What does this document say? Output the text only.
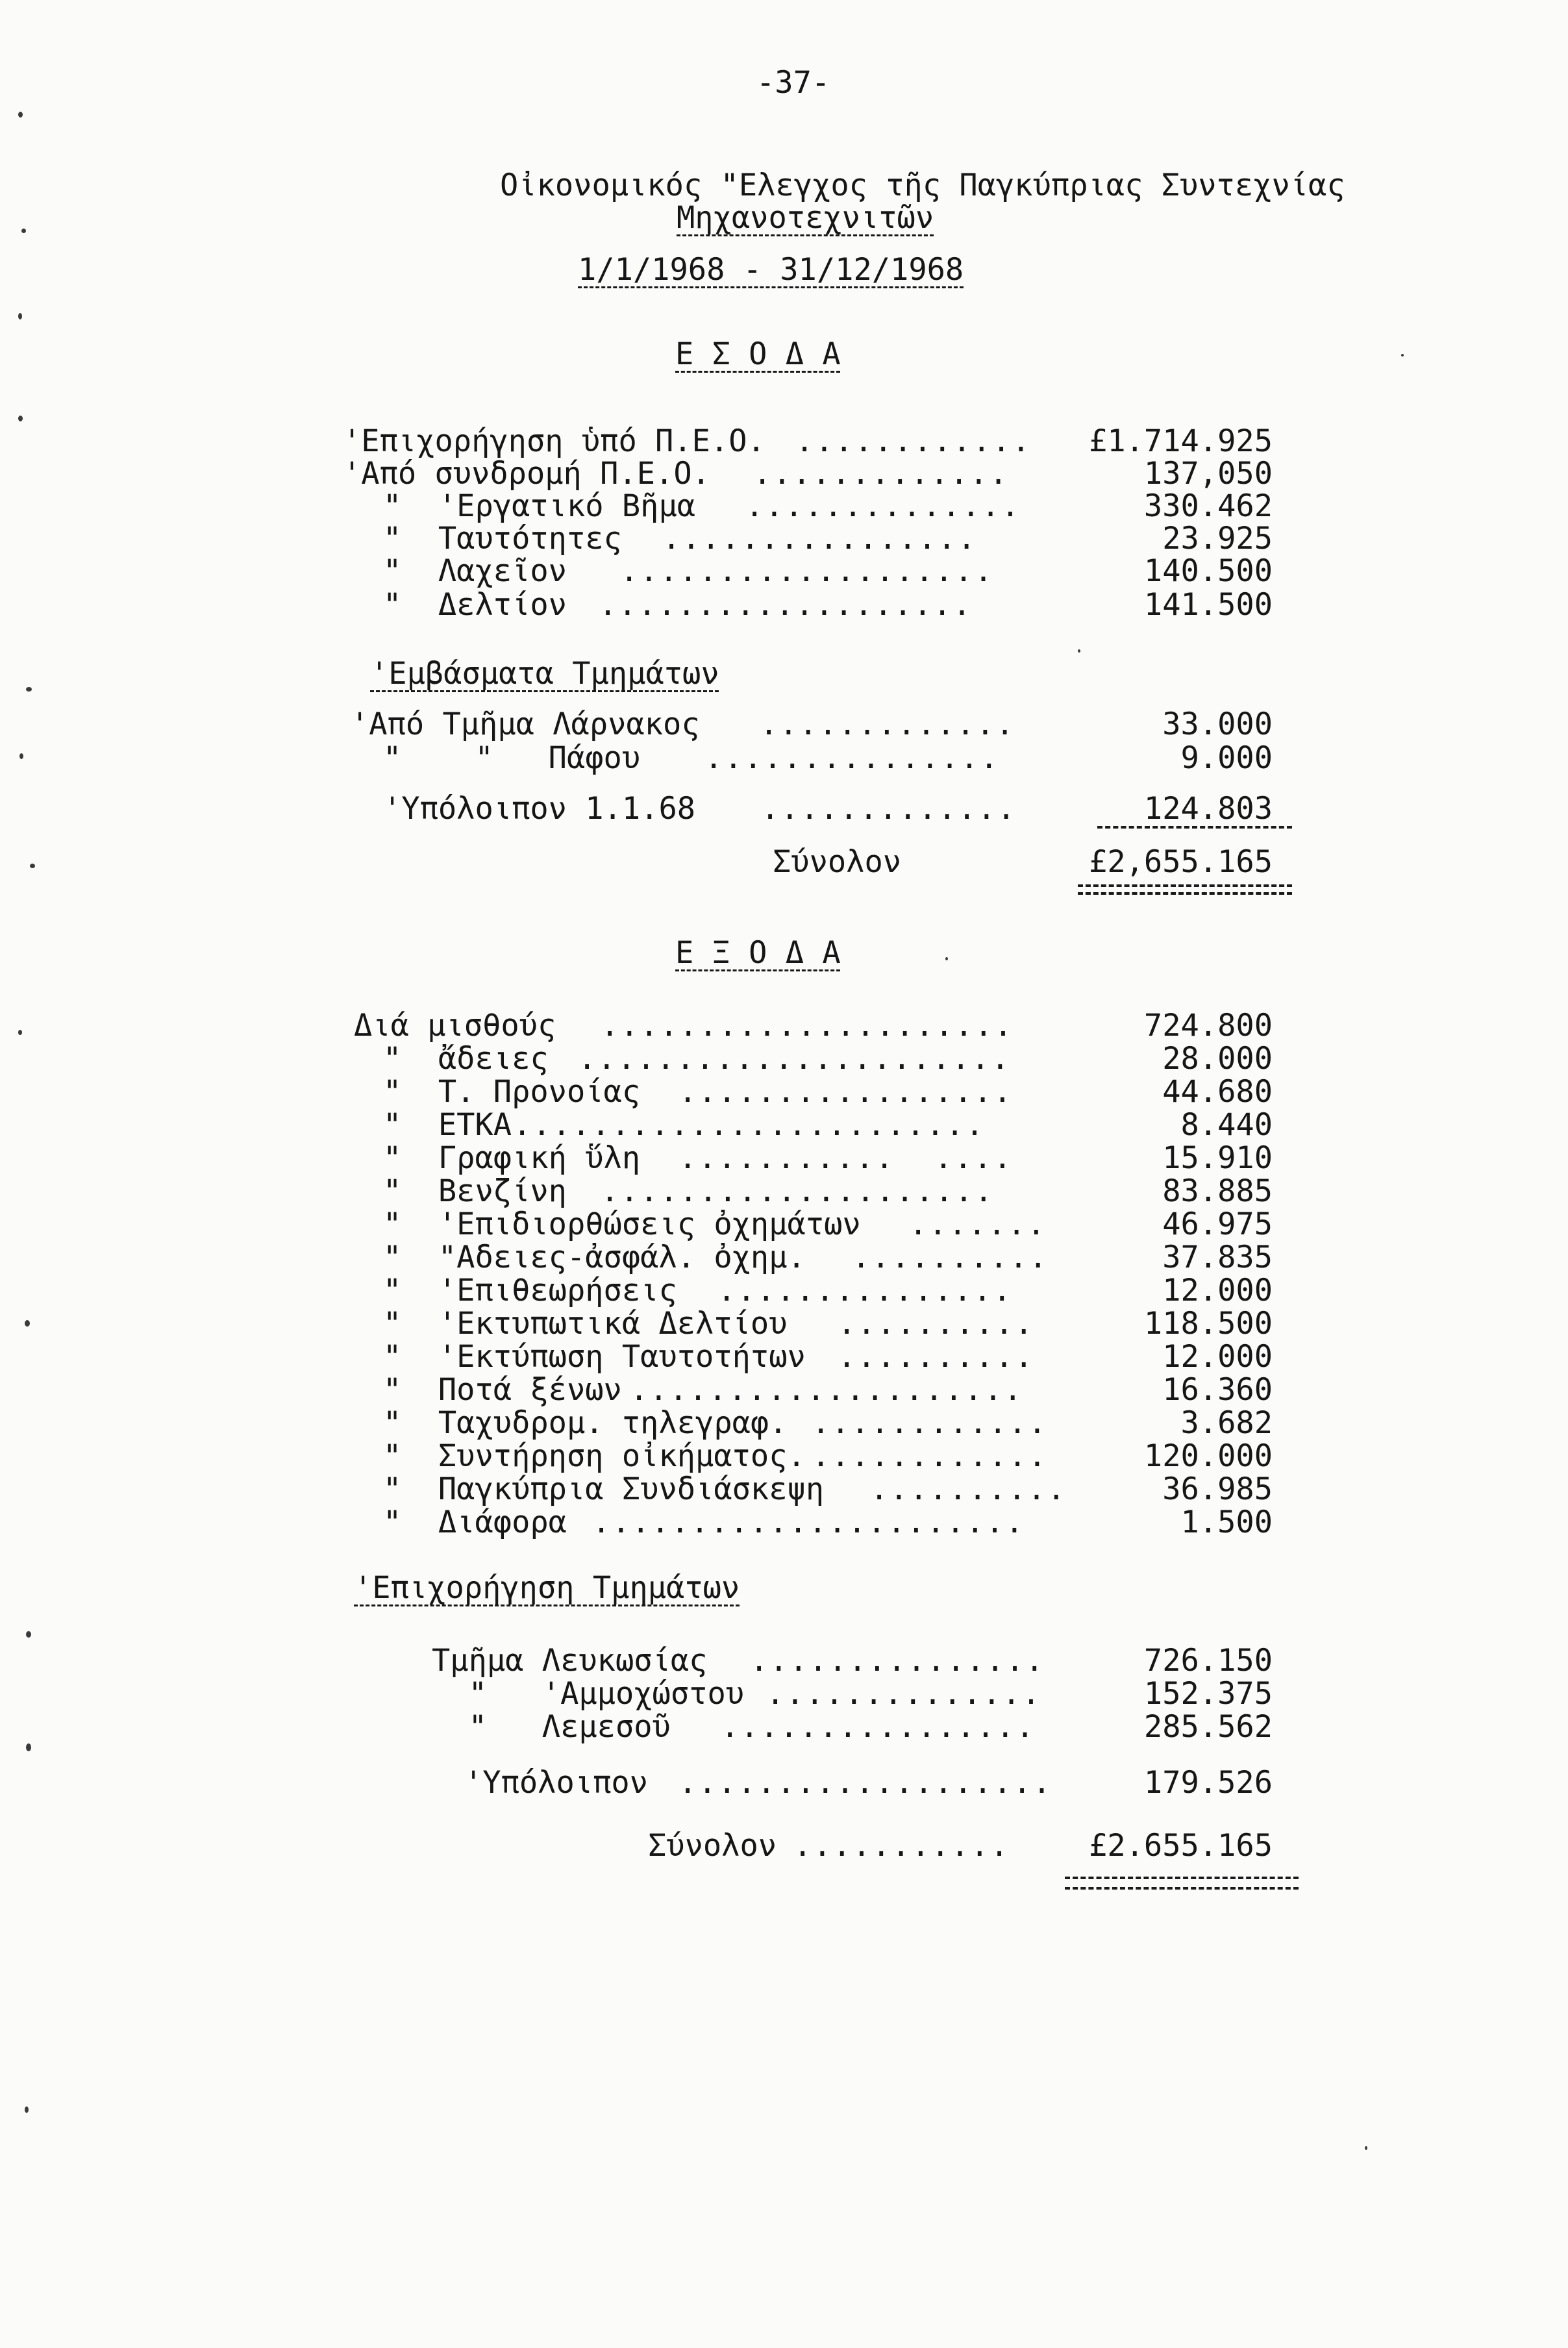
-37-
Οἰκονομικός "Ελεγχος τῆς Παγκύπριας Συντεχνίας
Μηχανοτεχνιτῶν
1/1/1968 - 31/12/1968
Ε Σ Ο Δ Α
'Επιχορήγηση ὑπό Π.Ε.Ο. ............	£1.714.925
'Από συνδρομή Π.Ε.Ο. .............	137,050
"  'Εργατικό Βῆμα ..............	330.462
"  Ταυτότητες ................	23.925
"  Λαχεῖον ...................	140.500
"  Δελτίον ...................	141.500
'Εμβάσματα Τμημάτων
'Από Τμῆμα Λάρνακος .............	33.000
"    "   Πάφου ...............	9.000
'Υπόλοιπον 1.1.68 .............	124.803
Σύνολον	£2,655.165
Ε Ξ Ο Δ Α
Διά μισθούς .....................	724.800
"  ἄδειες ......................	28.000
"  Τ. Προνοίας .................	44.680
"  ΕΤΚΑ ........................	8.440
"  Γραφική ὕλη ...........  ....	15.910
"  Βενζίνη ....................	83.885
"  'Επιδιορθώσεις ὀχημάτων .......	46.975
"  "Αδειες-ἀσφάλ. ὀχημ. ..........	37.835
"  'Επιθεωρήσεις ...............	12.000
"  'Εκτυπωτικά Δελτίου ..........	118.500
"  'Εκτύπωση Ταυτοτήτων ..........	12.000
"  Ποτά ξένων ....................	16.360
"  Ταχυδρομ. τηλεγραφ. ............	3.682
"  Συντήρηση οἰκήματος. ............	120.000
"  Παγκύπρια Συνδιάσκεψη ..........	36.985
"  Διάφορα ......................	1.500
'Επιχορήγηση Τμημάτων
Τμῆμα Λευκωσίας ...............	726.150
"   'Αμμοχώστου ..............	152.375
"   Λεμεσοῦ ................	285.562
'Υπόλοιπον ...................	179.526
Σύνολον ...........	£2.655.165
